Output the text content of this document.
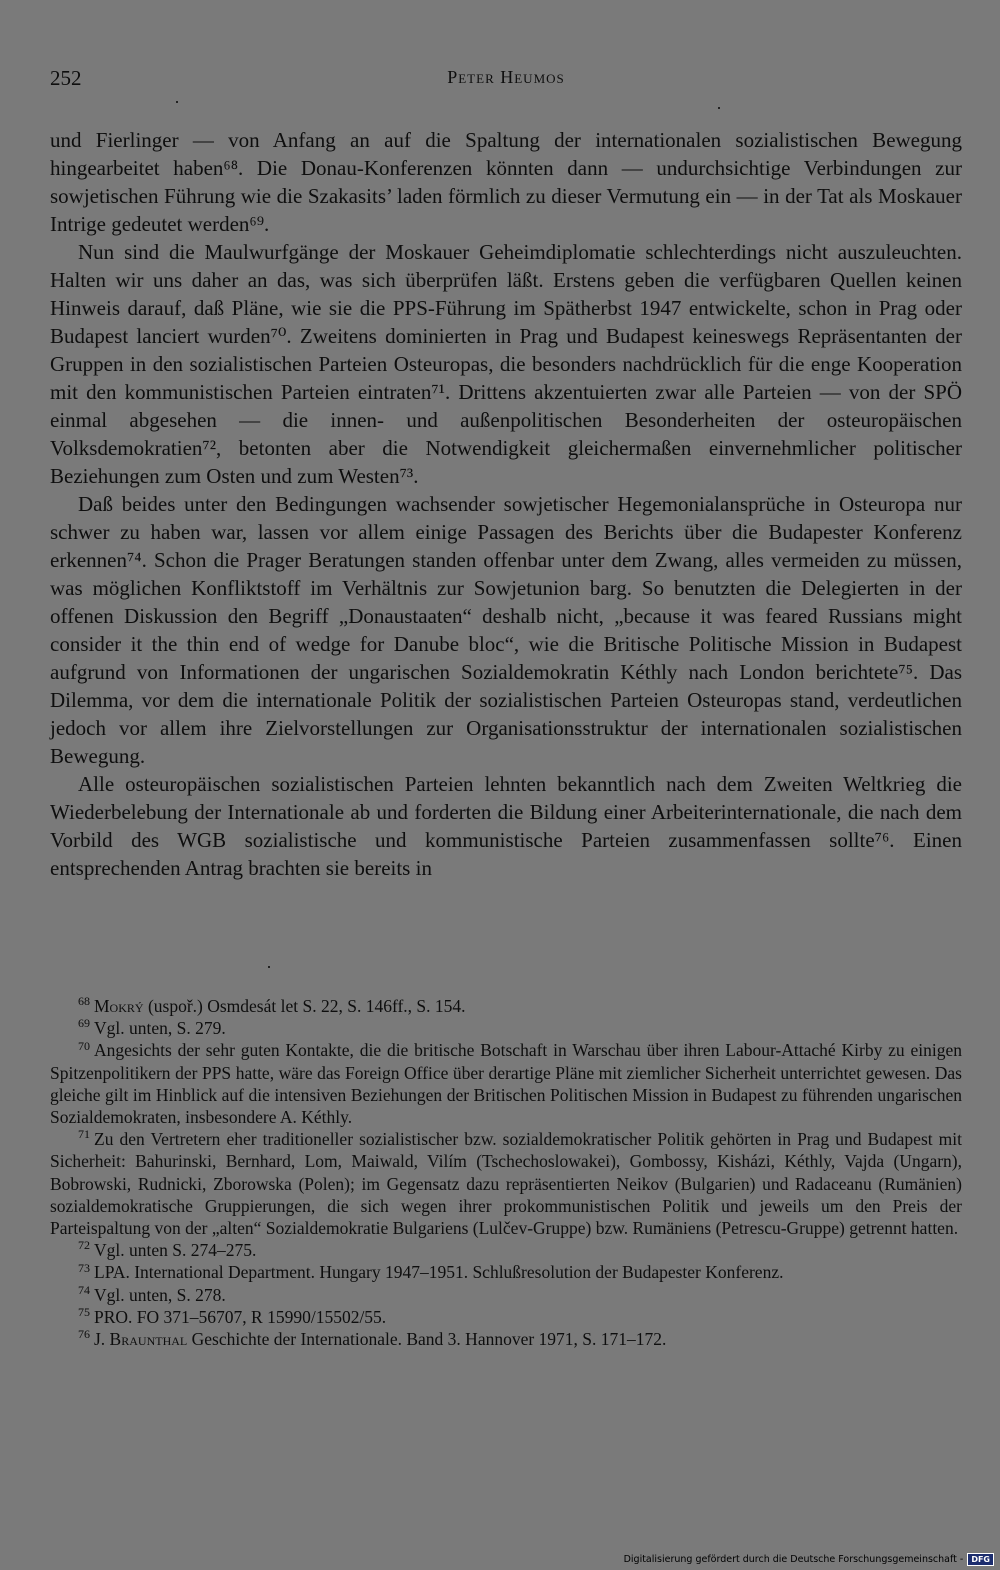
252	Peter Heumos

und Fierlinger — von Anfang an auf die Spaltung der internationalen sozialistischen Bewegung hingearbeitet haben⁶⁸. Die Donau-Konferenzen könnten dann — undurchsichtige Verbindungen zur sowjetischen Führung wie die Szakasits’ laden förmlich zu dieser Vermutung ein — in der Tat als Moskauer Intrige gedeutet werden⁶⁹.

Nun sind die Maulwurfgänge der Moskauer Geheimdiplomatie schlechterdings nicht auszuleuchten. Halten wir uns daher an das, was sich überprüfen läßt. Erstens geben die verfügbaren Quellen keinen Hinweis darauf, daß Pläne, wie sie die PPS-Führung im Spätherbst 1947 entwickelte, schon in Prag oder Budapest lanciert wurden⁷⁰. Zweitens dominierten in Prag und Budapest keineswegs Repräsentanten der Gruppen in den sozialistischen Parteien Osteuropas, die besonders nachdrücklich für die enge Kooperation mit den kommunistischen Parteien eintraten⁷¹. Drittens akzentuierten zwar alle Parteien — von der SPÖ einmal abgesehen — die innen- und außenpolitischen Besonderheiten der osteuropäischen Volksdemokratien⁷², betonten aber die Notwendigkeit gleichermaßen einvernehmlicher politischer Beziehungen zum Osten und zum Westen⁷³.

Daß beides unter den Bedingungen wachsender sowjetischer Hegemonialansprüche in Osteuropa nur schwer zu haben war, lassen vor allem einige Passagen des Berichts über die Budapester Konferenz erkennen⁷⁴. Schon die Prager Beratungen standen offenbar unter dem Zwang, alles vermeiden zu müssen, was möglichen Konfliktstoff im Verhältnis zur Sowjetunion barg. So benutzten die Delegierten in der offenen Diskussion den Begriff „Donaustaaten“ deshalb nicht, „because it was feared Russians might consider it the thin end of wedge for Danube bloc“, wie die Britische Politische Mission in Budapest aufgrund von Informationen der ungarischen Sozialdemokratin Kéthly nach London berichtete⁷⁵. Das Dilemma, vor dem die internationale Politik der sozialistischen Parteien Osteuropas stand, verdeutlichen jedoch vor allem ihre Zielvorstellungen zur Organisationsstruktur der internationalen sozialistischen Bewegung.

Alle osteuropäischen sozialistischen Parteien lehnten bekanntlich nach dem Zweiten Weltkrieg die Wiederbelebung der Internationale ab und forderten die Bildung einer Arbeiterinternationale, die nach dem Vorbild des WGB sozialistische und kommunistische Parteien zusammenfassen sollte⁷⁶. Einen entsprechenden Antrag brachten sie bereits in

$^{68}$ Mokrý (uspoř.) Osmdesát let S. 22, S. 146ff., S. 154.

$^{69}$ Vgl. unten, S. 279.

$^{70}$ Angesichts der sehr guten Kontakte, die die britische Botschaft in Warschau über ihren Labour-Attaché Kirby zu einigen Spitzenpolitikern der PPS hatte, wäre das Foreign Office über derartige Pläne mit ziemlicher Sicherheit unterrichtet gewesen. Das gleiche gilt im Hinblick auf die intensiven Beziehungen der Britischen Politischen Mission in Budapest zu führenden ungarischen Sozialdemokraten, insbesondere A. Kéthly.

$^{71}$ Zu den Vertretern eher traditioneller sozialistischer bzw. sozialdemokratischer Politik gehörten in Prag und Budapest mit Sicherheit: Bahurinski, Bernhard, Lom, Maiwald, Vilím (Tschechoslowakei), Gombossy, Kisházi, Kéthly, Vajda (Ungarn), Bobrowski, Rudnicki, Zborowska (Polen); im Gegensatz dazu repräsentierten Neikov (Bulgarien) und Radaceanu (Rumänien) sozialdemokratische Gruppierungen, die sich wegen ihrer prokommunistischen Politik und jeweils um den Preis der Parteispaltung von der „alten“ Sozialdemokratie Bulgariens (Lulčev-Gruppe) bzw. Rumäniens (Petrescu-Gruppe) getrennt hatten.

$^{72}$ Vgl. unten S. 274–275.

$^{73}$ LPA. International Department. Hungary 1947–1951. Schlußresolution der Budapester Konferenz.

$^{74}$ Vgl. unten, S. 278.

$^{75}$ PRO. FO 371–56707, R 15990/15502/55.

$^{76}$ J. Braunthal Geschichte der Internationale. Band 3. Hannover 1971, S. 171–172.

Digitalisierung gefördert durch die Deutsche Forschungsgemeinschaft -	DFG
